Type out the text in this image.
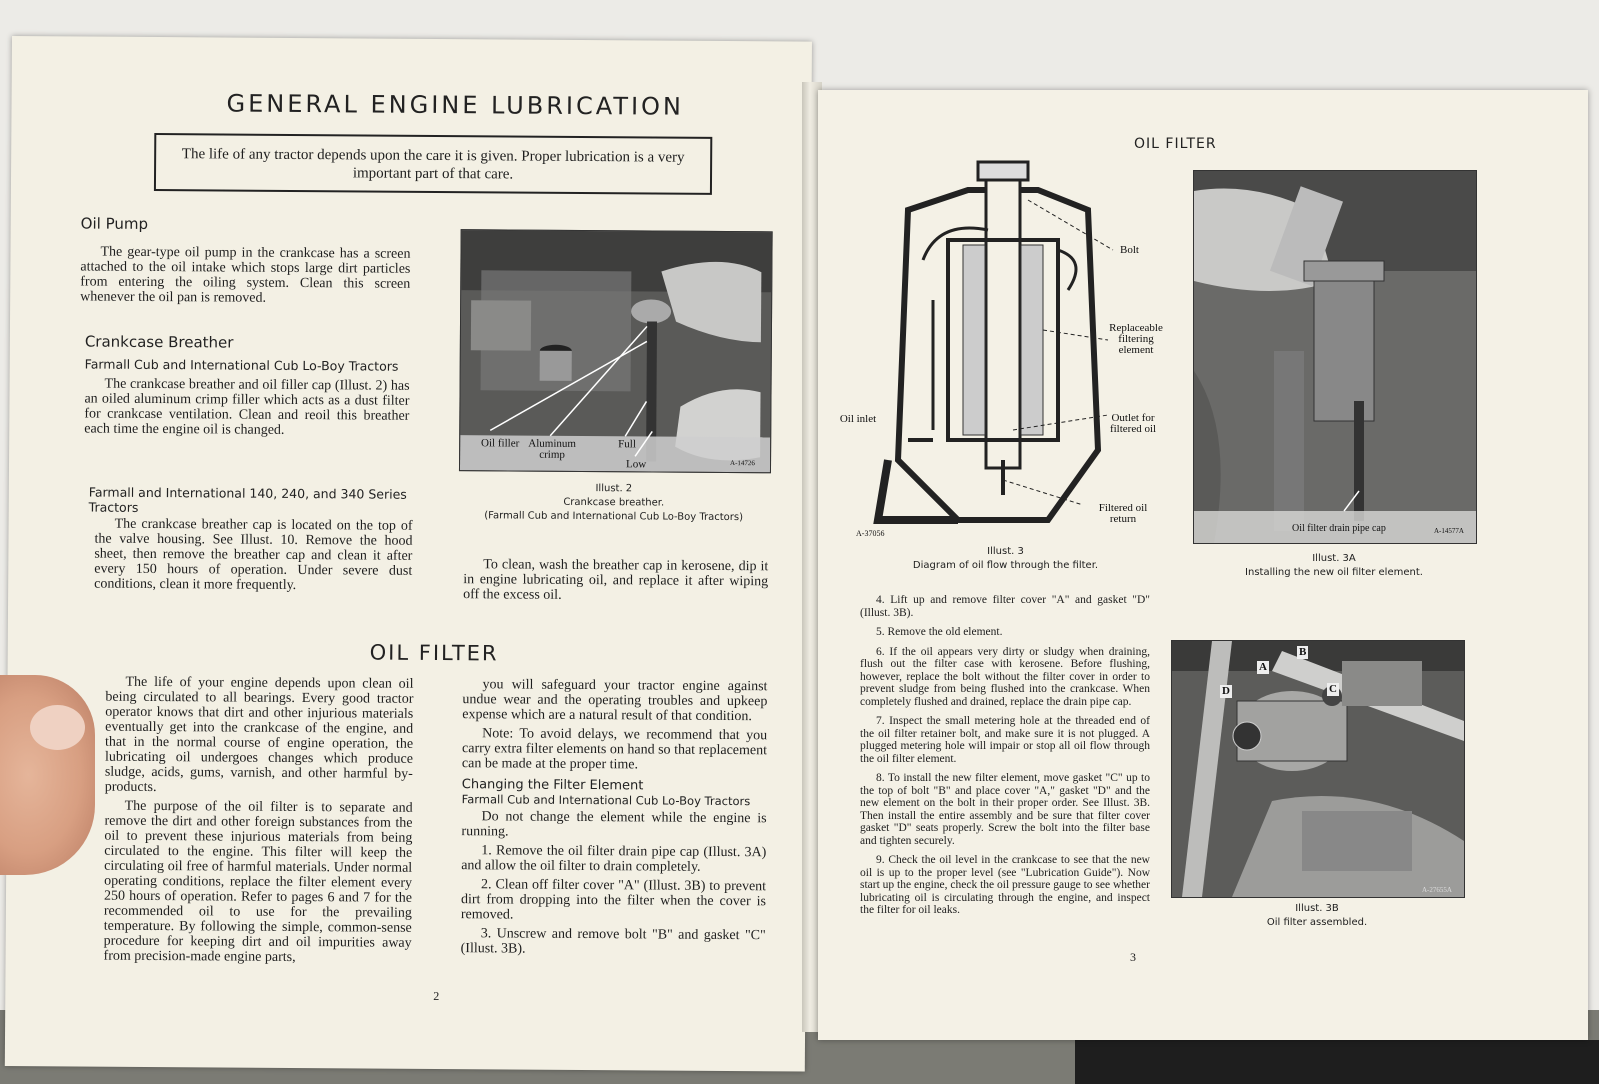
GENERAL ENGINE LUBRICATION
The life of any tractor depends upon the care it is given. Proper lubrication is a very important part of that care.
Oil Pump

The gear-type oil pump in the crankcase has a screen attached to the oil intake which stops large dirt particles from entering the oiling system. Clean this screen whenever the oil pan is removed.

Crankcase Breather
Farmall Cub and International Cub Lo-Boy Tractors

The crankcase breather and oil filler cap (Illust. 2) has an oiled aluminum crimp filler which acts as a dust filter for crankcase ventilation. Clean and reoil this breather each time the engine oil is changed.

Farmall and International 140, 240, and 340 Series Tractors

The crankcase breather cap is located on the top of the valve housing. See Illust. 10. Remove the hood sheet, then remove the breather cap and clean it after every 150 hours of operation. Under severe dust conditions, clean it more frequently.

Oil filler Aluminum crimp
Full
Low	A-14726
Illust. 2
Crankcase breather.
(Farmall Cub and International Cub Lo-Boy Tractors)

To clean, wash the breather cap in kerosene, dip it in engine lubricating oil, and replace it after wiping off the excess oil.

OIL FILTER

The life of your engine depends upon clean oil being circulated to all bearings. Every good tractor operator knows that dirt and other injurious materials eventually get into the crankcase of the engine, and that in the normal course of engine operation, the lubricating oil undergoes changes which produce sludge, acids, gums, varnish, and other harmful by-products.

The purpose of the oil filter is to separate and remove the dirt and other foreign substances from the oil to prevent these injurious materials from being circulated to the engine. This filter will keep the circulating oil free of harmful materials. Under normal operating conditions, replace the filter element every 250 hours of operation. Refer to pages 6 and 7 for the recommended oil to use for the prevailing temperature. By following the simple, common-sense procedure for keeping dirt and oil impurities away from precision-made engine parts,

you will safeguard your tractor engine against undue wear and the operating troubles and upkeep expense which are a natural result of that condition.

Note: To avoid delays, we recommend that you carry extra filter elements on hand so that replacement can be made at the proper time.

Changing the Filter Element
Farmall Cub and International Cub Lo-Boy Tractors

Do not change the element while the engine is running.

1. Remove the oil filter drain pipe cap (Illust. 3A) and allow the oil filter to drain completely.

2. Clean off filter cover "A" (Illust. 3B) to prevent dirt from dropping into the filter when the cover is removed.

3. Unscrew and remove bolt "B" and gasket "C" (Illust. 3B).

2
OIL FILTER
Bolt
Replaceable filtering element
Oil inlet	Outlet for filtered oil
Filtered oil return
A-37056
Illust. 3
Diagram of oil flow through the filter.
Oil filter drain pipe cap	A-14577A
Illust. 3A
Installing the new oil filter element.
A
B
C
D
A-27655A
Illust. 3B
Oil filter assembled.

4. Lift up and remove filter cover "A" and gasket "D" (Illust. 3B).

5. Remove the old element.

6. If the oil appears very dirty or sludgy when draining, flush out the filter case with kerosene. Before flushing, however, replace the bolt without the filter cover in order to prevent sludge from being flushed into the crankcase. When completely flushed and drained, replace the drain pipe cap.

7. Inspect the small metering hole at the threaded end of the oil filter retainer bolt, and make sure it is not plugged. A plugged metering hole will impair or stop all oil flow through the oil filter element.

8. To install the new filter element, move gasket "C" up to the top of bolt "B" and place cover "A," gasket "D" and the new element on the bolt in their proper order. See Illust. 3B. Then install the entire assembly and be sure that filter cover gasket "D" seats properly. Screw the bolt into the filter base and tighten securely.

9. Check the oil level in the crankcase to see that the new oil is up to the proper level (see "Lubrication Guide"). Now start up the engine, check the oil pressure gauge to see whether lubricating oil is circulating through the engine, and inspect the filter for oil leaks.

3
